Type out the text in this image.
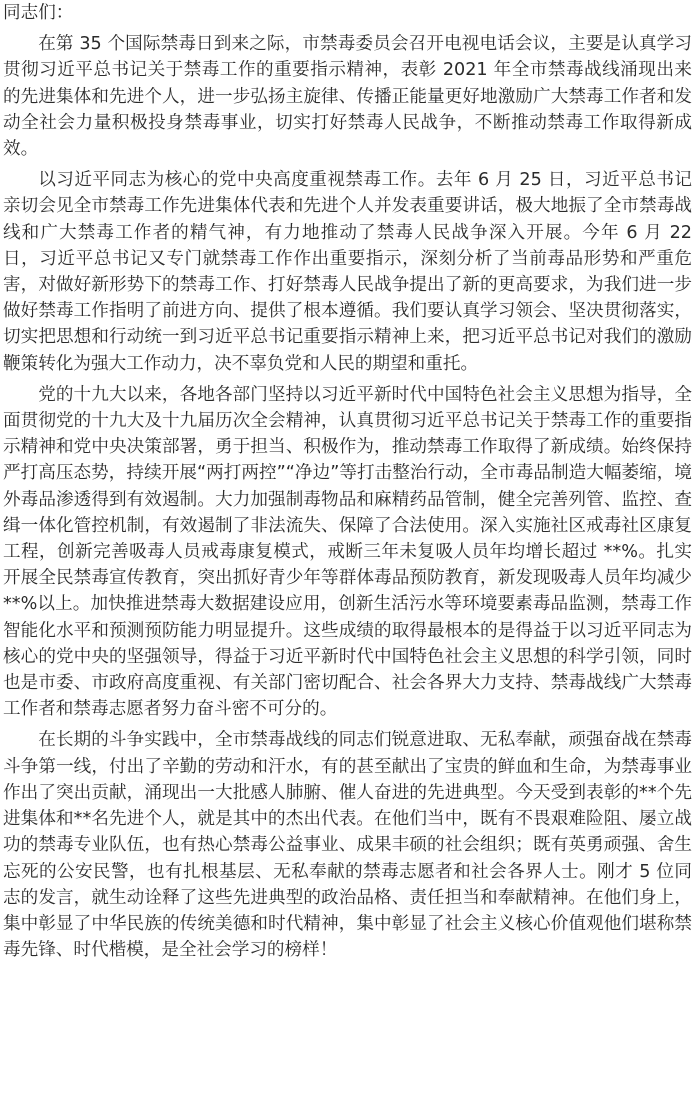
同志们：

在第 35 个国际禁毒日到来之际，市禁毒委员会召开电视电话会议，主要是认真学习贯彻习近平总书记关于禁毒工作的重要指示精神，表彰 2021 年全市禁毒战线涌现出来的先进集体和先进个人，进一步弘扬主旋律、传播正能量更好地激励广大禁毒工作者和发动全社会力量积极投身禁毒事业，切实打好禁毒人民战争，不断推动禁毒工作取得新成效。

以习近平同志为核心的党中央高度重视禁毒工作。去年 6 月 25 日，习近平总书记亲切会见全市禁毒工作先进集体代表和先进个人并发表重要讲话，极大地振了全市禁毒战线和广大禁毒工作者的精气神，有力地推动了禁毒人民战争深入开展。今年 6 月 22 日，习近平总书记又专门就禁毒工作作出重要指示，深刻分析了当前毒品形势和严重危害，对做好新形势下的禁毒工作、打好禁毒人民战争提出了新的更高要求，为我们进一步做好禁毒工作指明了前进方向、提供了根本遵循。我们要认真学习领会、坚决贯彻落实，切实把思想和行动统一到习近平总书记重要指示精神上来，把习近平总书记对我们的激励鞭策转化为强大工作动力，决不辜负党和人民的期望和重托。

党的十九大以来，各地各部门坚持以习近平新时代中国特色社会主义思想为指导，全面贯彻党的十九大及十九届历次全会精神，认真贯彻习近平总书记关于禁毒工作的重要指示精神和党中央决策部署，勇于担当、积极作为，推动禁毒工作取得了新成绩。始终保持严打高压态势，持续开展“两打两控”“净边”等打击整治行动，全市毒品制造大幅萎缩，境外毒品渗透得到有效遏制。大力加强制毒物品和麻精药品管制，健全完善列管、监控、查缉一体化管控机制，有效遏制了非法流失、保障了合法使用。深入实施社区戒毒社区康复工程，创新完善吸毒人员戒毒康复模式，戒断三年未复吸人员年均增长超过 **%。扎实开展全民禁毒宣传教育，突出抓好青少年等群体毒品预防教育，新发现吸毒人员年均减少**%以上。加快推进禁毒大数据建设应用，创新生活污水等环境要素毒品监测，禁毒工作智能化水平和预测预防能力明显提升。这些成绩的取得最根本的是得益于以习近平同志为核心的党中央的坚强领导，得益于习近平新时代中国特色社会主义思想的科学引领，同时也是市委、市政府高度重视、有关部门密切配合、社会各界大力支持、禁毒战线广大禁毒工作者和禁毒志愿者努力奋斗密不可分的。

在长期的斗争实践中，全市禁毒战线的同志们锐意进取、无私奉献，顽强奋战在禁毒斗争第一线，付出了辛勤的劳动和汗水，有的甚至献出了宝贵的鲜血和生命，为禁毒事业作出了突出贡献，涌现出一大批感人肺腑、催人奋进的先进典型。今天受到表彰的**个先进集体和**名先进个人，就是其中的杰出代表。在他们当中，既有不畏艰难险阻、屡立战功的禁毒专业队伍，也有热心禁毒公益事业、成果丰硕的社会组织；既有英勇顽强、舍生忘死的公安民警，也有扎根基层、无私奉献的禁毒志愿者和社会各界人士。刚才 5 位同志的发言，就生动诠释了这些先进典型的政治品格、责任担当和奉献精神。在他们身上，集中彰显了中华民族的传统美德和时代精神，集中彰显了社会主义核心价值观他们堪称禁毒先锋、时代楷模，是全社会学习的榜样！
